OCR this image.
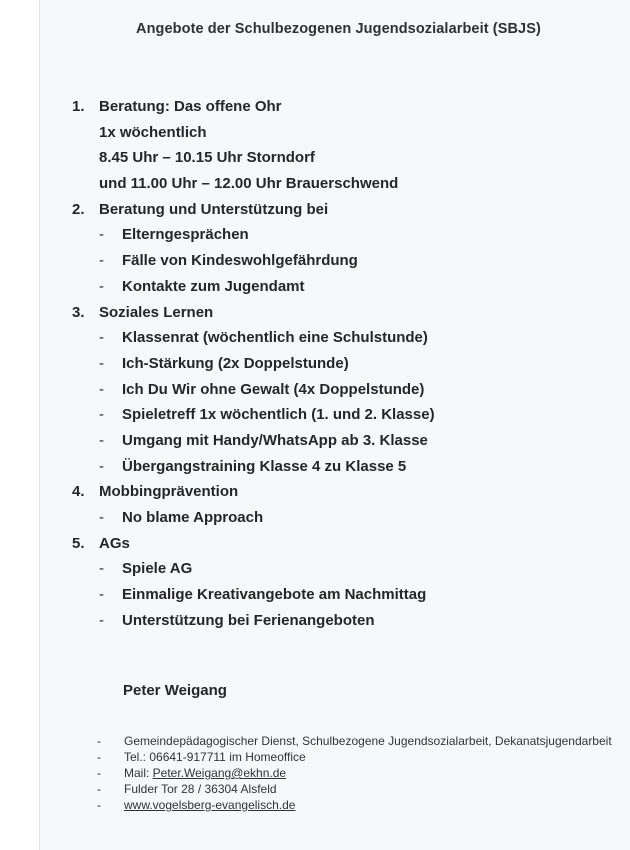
Angebote der Schulbezogenen Jugendsozialarbeit (SBJS)
1. Beratung: Das offene Ohr
1x wöchentlich
8.45 Uhr – 10.15 Uhr Storndorf
und 11.00 Uhr – 12.00 Uhr Brauerschwend
2. Beratung und Unterstützung bei
- Elterngesprächen
- Fälle von Kindeswohlgefährdung
- Kontakte zum Jugendamt
3. Soziales Lernen
- Klassenrat (wöchentlich eine Schulstunde)
- Ich-Stärkung (2x Doppelstunde)
- Ich Du Wir ohne Gewalt (4x Doppelstunde)
- Spieletreff 1x wöchentlich (1. und 2. Klasse)
- Umgang mit Handy/WhatsApp ab 3. Klasse
- Übergangstraining Klasse 4 zu Klasse 5
4. Mobbingprävention
- No blame Approach
5. AGs
- Spiele AG
- Einmalige Kreativangebote am Nachmittag
- Unterstützung bei Ferienangeboten
Peter Weigang
- Gemeindepädagogischer Dienst, Schulbezogene Jugendsozialarbeit, Dekanatsjugendarbeit
- Tel.: 06641-917711 im Homeoffice
- Mail: Peter.Weigang@ekhn.de
- Fulder Tor 28 / 36304 Alsfeld
- www.vogelsberg-evangelisch.de
